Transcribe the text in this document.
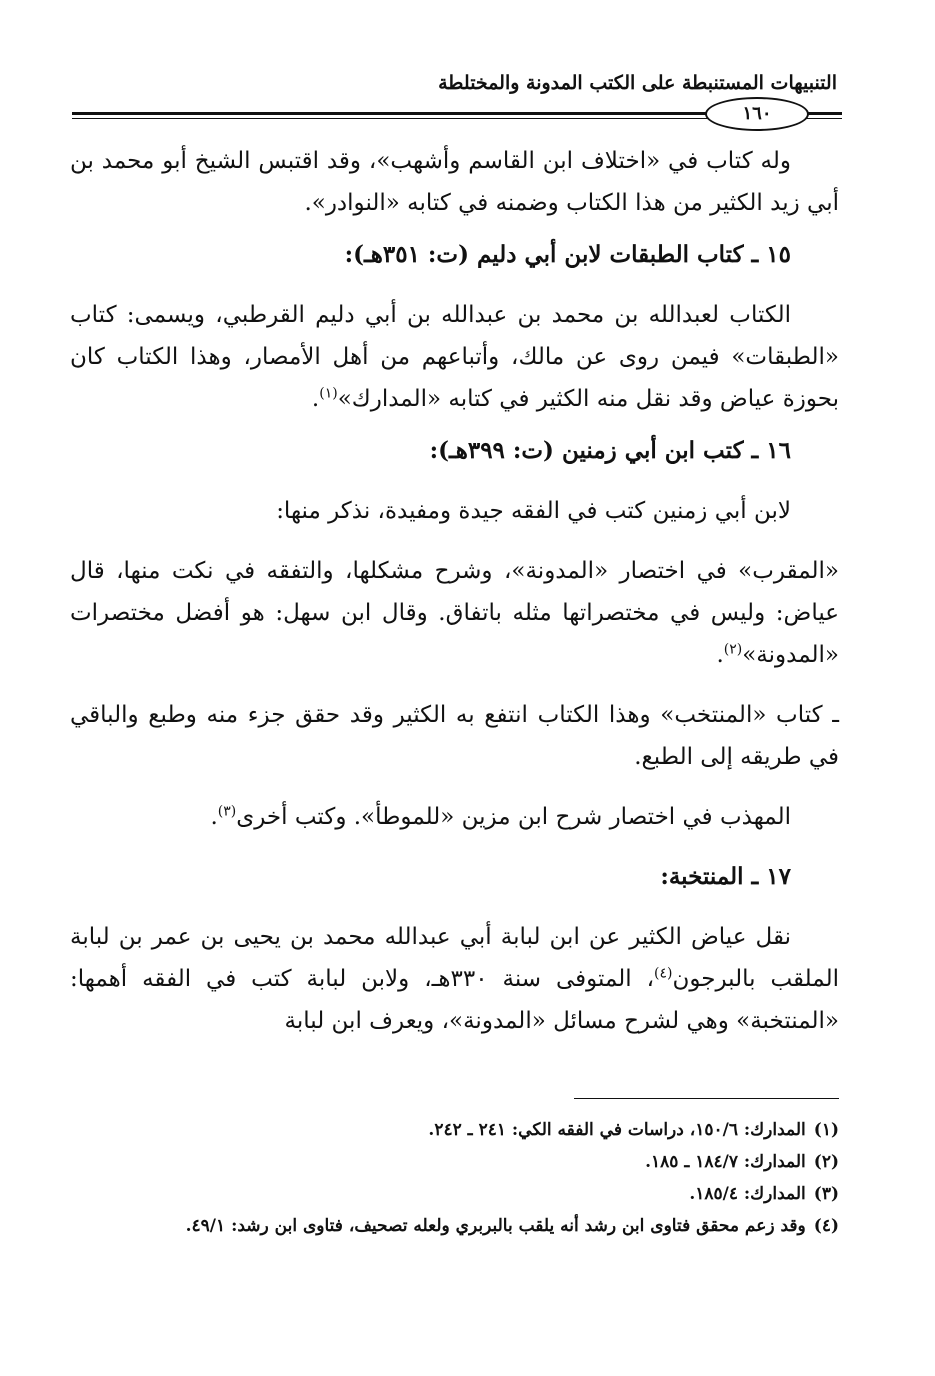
التنبيهات المستنبطة على الكتب المدونة والمختلطة
١٦٠

وله كتاب في «اختلاف ابن القاسم وأشهب»، وقد اقتبس الشيخ أبو محمد بن أبي زيد الكثير من هذا الكتاب وضمنه في كتابه «النوادر».

١٥ ـ كتاب الطبقات لابن أبي دليم (ت: ٣٥١هـ):

الكتاب لعبدالله بن محمد بن عبدالله بن أبي دليم القرطبي، ويسمى: كتاب «الطبقات» فيمن روى عن مالك، وأتباعهم من أهل الأمصار، وهذا الكتاب كان بحوزة عياض وقد نقل منه الكثير في كتابه «المدارك»$^{(١)}$.

١٦ ـ كتب ابن أبي زمنين (ت: ٣٩٩هـ):

لابن أبي زمنين كتب في الفقه جيدة ومفيدة، نذكر منها:

«المقرب» في اختصار «المدونة»، وشرح مشكلها، والتفقه في نكت منها، قال عياض: وليس في مختصراتها مثله باتفاق. وقال ابن سهل: هو أفضل مختصرات «المدونة»$^{(٢)}$.

ـ كتاب «المنتخب» وهذا الكتاب انتفع به الكثير وقد حقق جزء منه وطبع والباقي في طريقه إلى الطبع.

المهذب في اختصار شرح ابن مزين «للموطأ». وكتب أخرى$^{(٣)}$.

١٧ ـ المنتخبة:

نقل عياض الكثير عن ابن لبابة أبي عبدالله محمد بن يحيى بن عمر بن لبابة الملقب بالبرجون$^{(٤)}$، المتوفى سنة ٣٣٠هـ، ولابن لبابة كتب في الفقه أهمها: «المنتخبة» وهي لشرح مسائل «المدونة»، ويعرف ابن لبابة

(١)
المدارك: ١٥٠/٦، دراسات في الفقه الكي: ٢٤١ ـ ٢٤٢.
(٢)
المدارك: ١٨٤/٧ ـ ١٨٥.
(٣)
المدارك: ١٨٥/٤.
(٤)
وقد زعم محقق فتاوى ابن رشد أنه يلقب بالبربري ولعله تصحيف، فتاوى ابن رشد: ٤٩/١.
